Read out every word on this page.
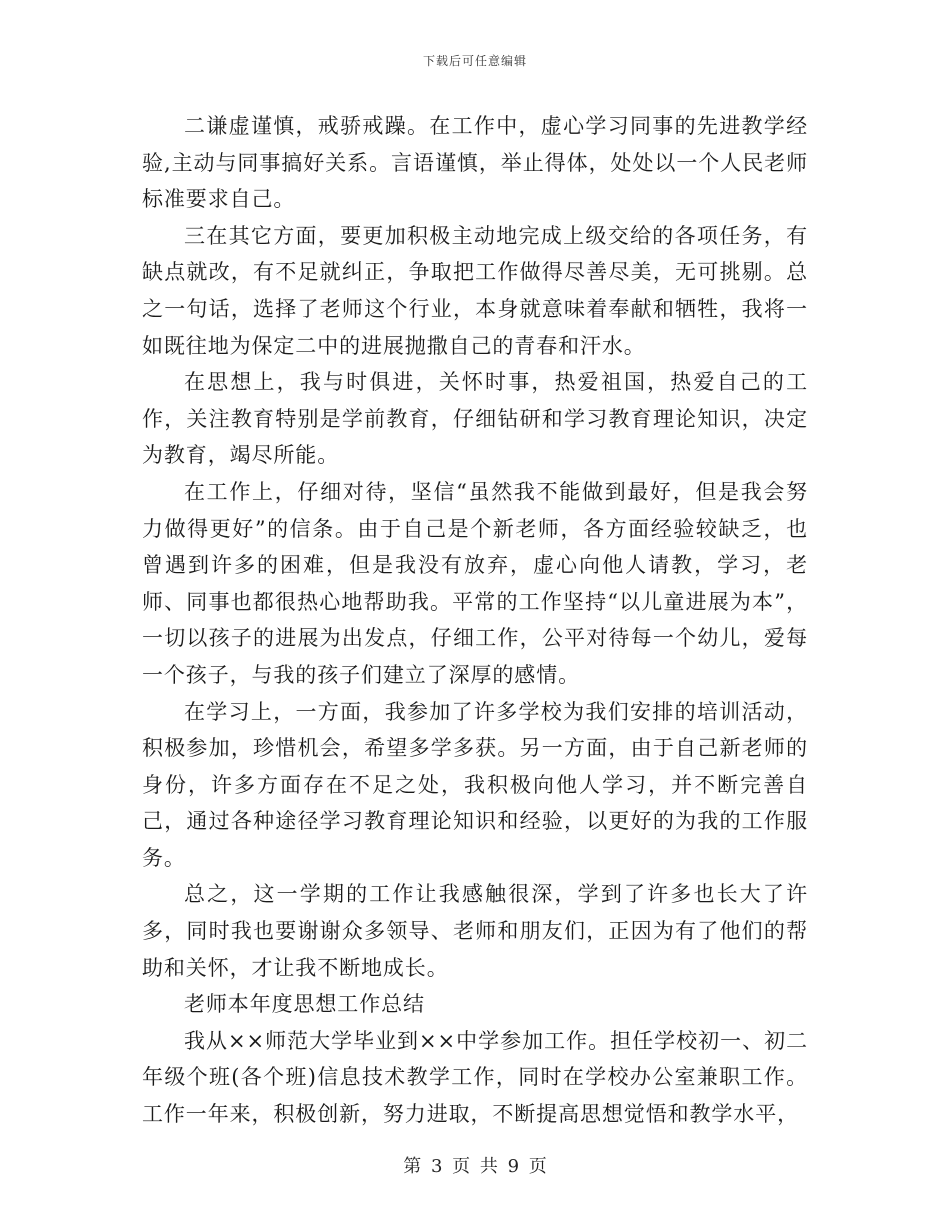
下载后可任意编辑

二谦虚谨慎，戒骄戒躁。在工作中，虚心学习同事的先进教学经验,主动与同事搞好关系。言语谨慎，举止得体，处处以一个人民老师标准要求自己。

三在其它方面，要更加积极主动地完成上级交给的各项任务，有缺点就改，有不足就纠正，争取把工作做得尽善尽美，无可挑剔。总之一句话，选择了老师这个行业，本身就意味着奉献和牺牲，我将一如既往地为保定二中的进展抛撒自己的青春和汗水。

在思想上，我与时俱进，关怀时事，热爱祖国，热爱自己的工作，关注教育特别是学前教育，仔细钻研和学习教育理论知识，决定为教育，竭尽所能。

在工作上，仔细对待，坚信“虽然我不能做到最好，但是我会努力做得更好”的信条。由于自己是个新老师，各方面经验较缺乏，也曾遇到许多的困难，但是我没有放弃，虚心向他人请教，学习，老师、同事也都很热心地帮助我。平常的工作坚持“以儿童进展为本”，一切以孩子的进展为出发点，仔细工作，公平对待每一个幼儿，爱每一个孩子，与我的孩子们建立了深厚的感情。

在学习上，一方面，我参加了许多学校为我们安排的培训活动，积极参加，珍惜机会，希望多学多获。另一方面，由于自己新老师的身份，许多方面存在不足之处，我积极向他人学习，并不断完善自己，通过各种途径学习教育理论知识和经验，以更好的为我的工作服务。

总之，这一学期的工作让我感触很深，学到了许多也长大了许多，同时我也要谢谢众多领导、老师和朋友们，正因为有了他们的帮助和关怀，才让我不断地成长。

老师本年度思想工作总结

我从××师范大学毕业到××中学参加工作。担任学校初一、初二年级个班(各个班)信息技术教学工作，同时在学校办公室兼职工作。工作一年来，积极创新，努力进取，不断提高思想觉悟和教学水平，

第 3 页 共 9 页
